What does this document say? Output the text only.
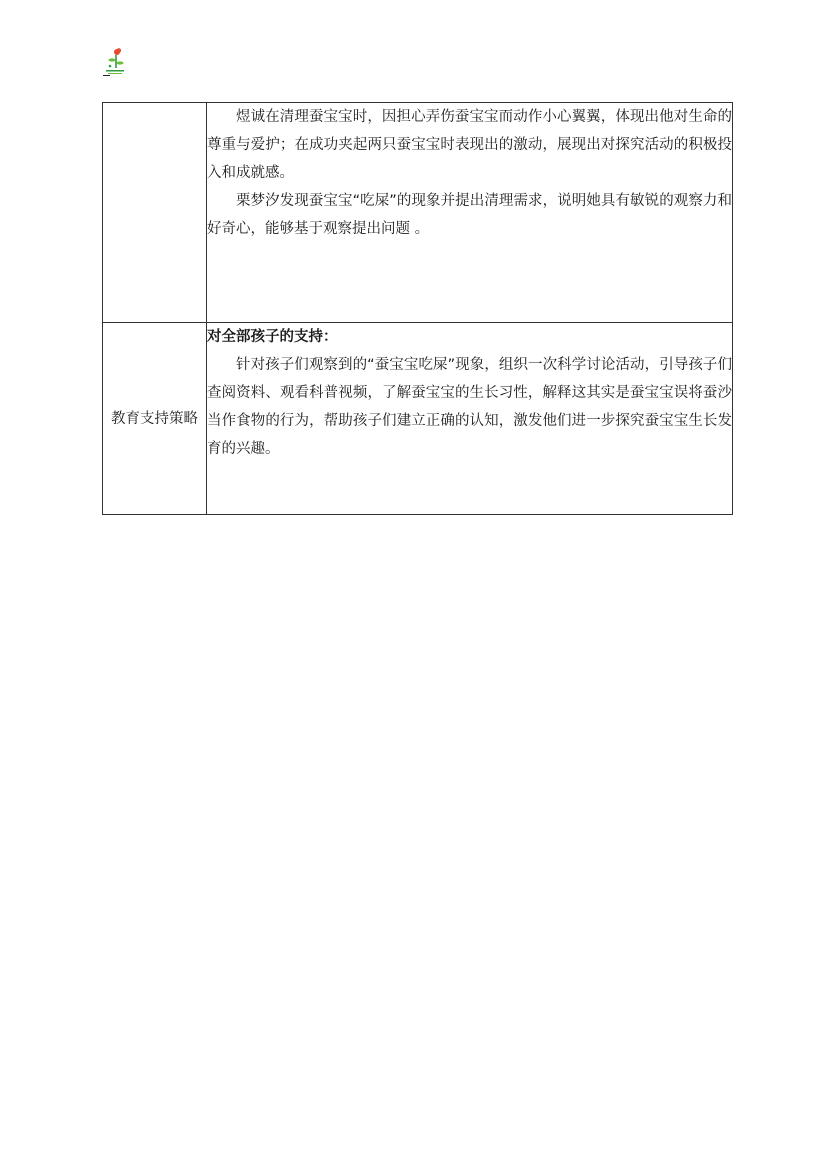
	煜诚在清理蚕宝宝时，因担心弄伤蚕宝宝而动作小心翼翼，体现出他对生命的尊重与爱护；在成功夹起两只蚕宝宝时表现出的激动，展现出对探究活动的积极投入和成就感。

栗梦汐发现蚕宝宝“吃屎”的现象并提出清理需求，说明她具有敏锐的观察力和好奇心，能够基于观察提出问题 。

教育支持策略	对全部孩子的支持：

针对孩子们观察到的“蚕宝宝吃屎”现象，组织一次科学讨论活动，引导孩子们查阅资料、观看科普视频，了解蚕宝宝的生长习性，解释这其实是蚕宝宝误将蚕沙当作食物的行为，帮助孩子们建立正确的认知，激发他们进一步探究蚕宝宝生长发育的兴趣。
